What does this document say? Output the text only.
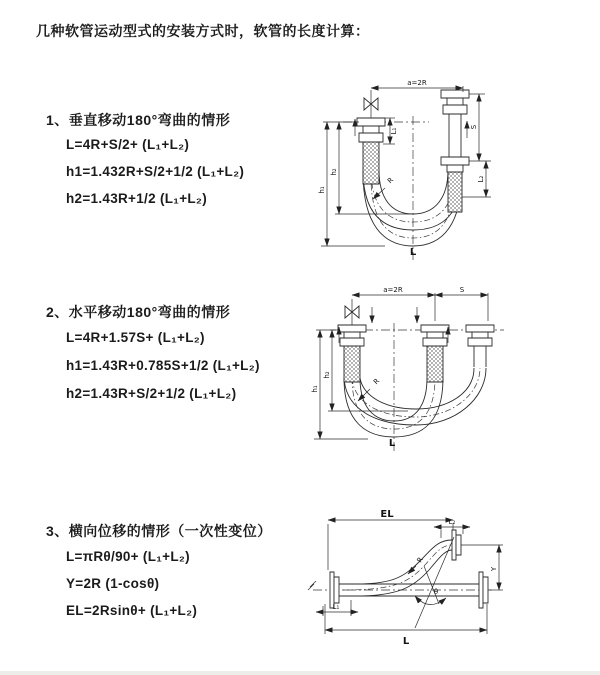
几种软管运动型式的安装方式时，软管的长度计算：
1、垂直移动180°弯曲的情形
L=4R+S/2+ (L₁+L₂)
h1=1.432R+S/2+1/2 (L₁+L₂)
h2=1.43R+1/2 (L₁+L₂)
a=2R
h₁
h₂
L₁
S
L₂
R
L
2、水平移动180°弯曲的情形
L=4R+1.57S+ (L₁+L₂)
h1=1.43R+0.785S+1/2 (L₁+L₂)
h2=1.43R+S/2+1/2 (L₁+L₂)
a=2R	S
h₁
h₂
R
L
3、横向位移的情形（一次性变位）
L=πRθ/90+ (L₁+L₂)
Y=2R (1-cosθ)
EL=2Rsinθ+ (L₁+L₂)
EL
L₂
Y
θ
R
L₁
L
